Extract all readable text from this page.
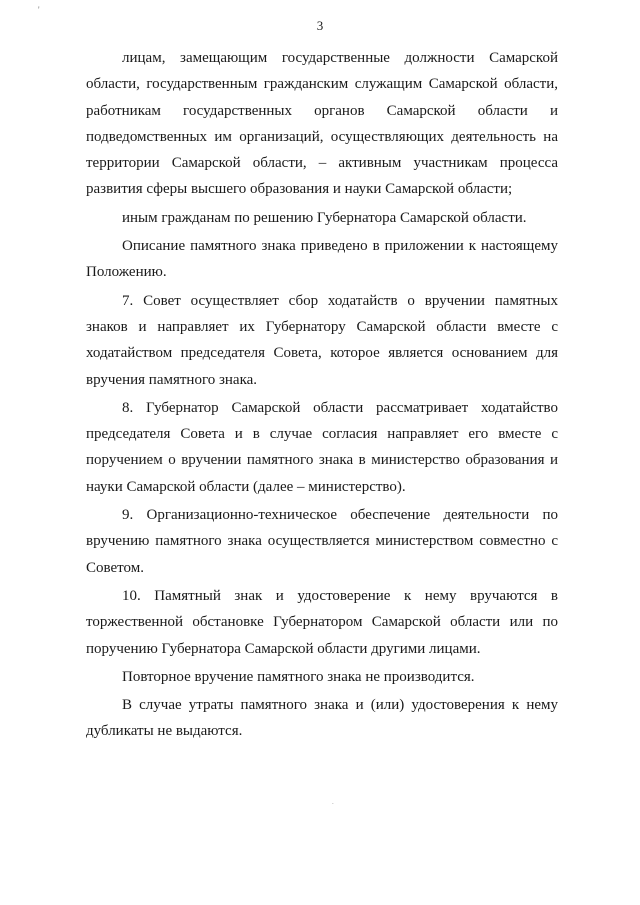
'
3

лицам, замещающим государственные должности Самарской области, государственным гражданским служащим Самарской области, работникам государственных органов Самарской области и подведомственных им организаций, осуществляющих деятельность на территории Самарской области, – активным участникам процесса развития сферы высшего образования и науки Самарской области;

иным гражданам по решению Губернатора Самарской области.

Описание памятного знака приведено в приложении к настоящему Положению.

7. Совет осуществляет сбор ходатайств о вручении памятных знаков и направляет их Губернатору Самарской области вместе с ходатайством председателя Совета, которое является основанием для вручения памятного знака.

8. Губернатор Самарской области рассматривает ходатайство председателя Совета и в случае согласия направляет его вместе с поручением о вручении памятного знака в министерство образования и науки Самарской области (далее – министерство).

9. Организационно-техническое обеспечение деятельности по вручению памятного знака осуществляется министерством совместно с Советом.

10. Памятный знак и удостоверение к нему вручаются в торжественной обстановке Губернатором Самарской области или по поручению Губернатора Самарской области другими лицами.

Повторное вручение памятного знака не производится.

В случае утраты памятного знака и (или) удостоверения к нему дубликаты не выдаются.

.
